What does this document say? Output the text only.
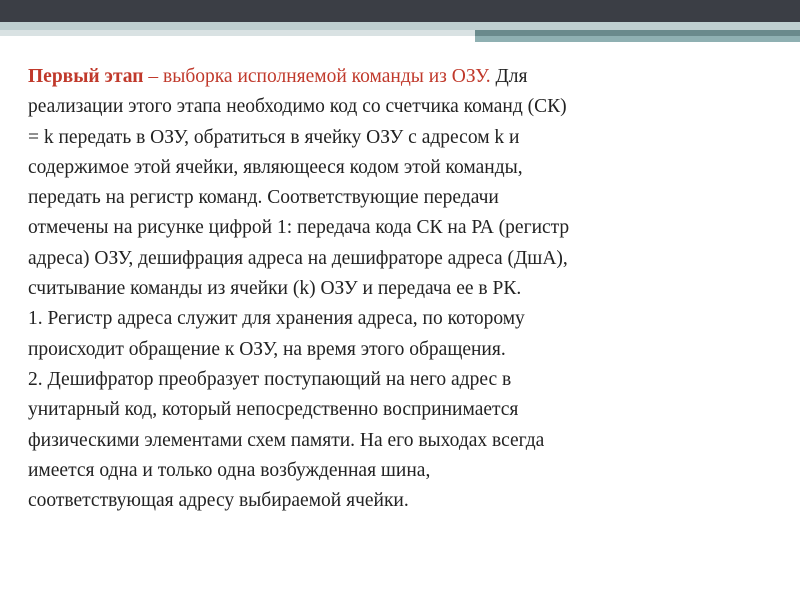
Первый этап – выборка исполняемой команды из ОЗУ. Для
реализации этого этапа необходимо код со счетчика команд (СК)
= k передать в ОЗУ, обратиться в ячейку ОЗУ с адресом k и
содержимое этой ячейки, являющееся кодом этой команды,
передать на регистр команд. Соответствующие передачи
отмечены на рисунке цифрой 1: передача кода СК на РА (регистр
адреса) ОЗУ, дешифрация адреса на дешифраторе адреса (ДшА),
считывание команды из ячейки (k) ОЗУ и передача ее в РК.
1. Регистр адреса служит для хранения адреса, по которому
происходит обращение к ОЗУ, на время этого обращения.
2. Дешифратор преобразует поступающий на него адрес в
унитарный код, который непосредственно воспринимается
физическими элементами схем памяти. На его выходах всегда
имеется одна и только одна возбужденная шина,
соответствующая адресу выбираемой ячейки.
